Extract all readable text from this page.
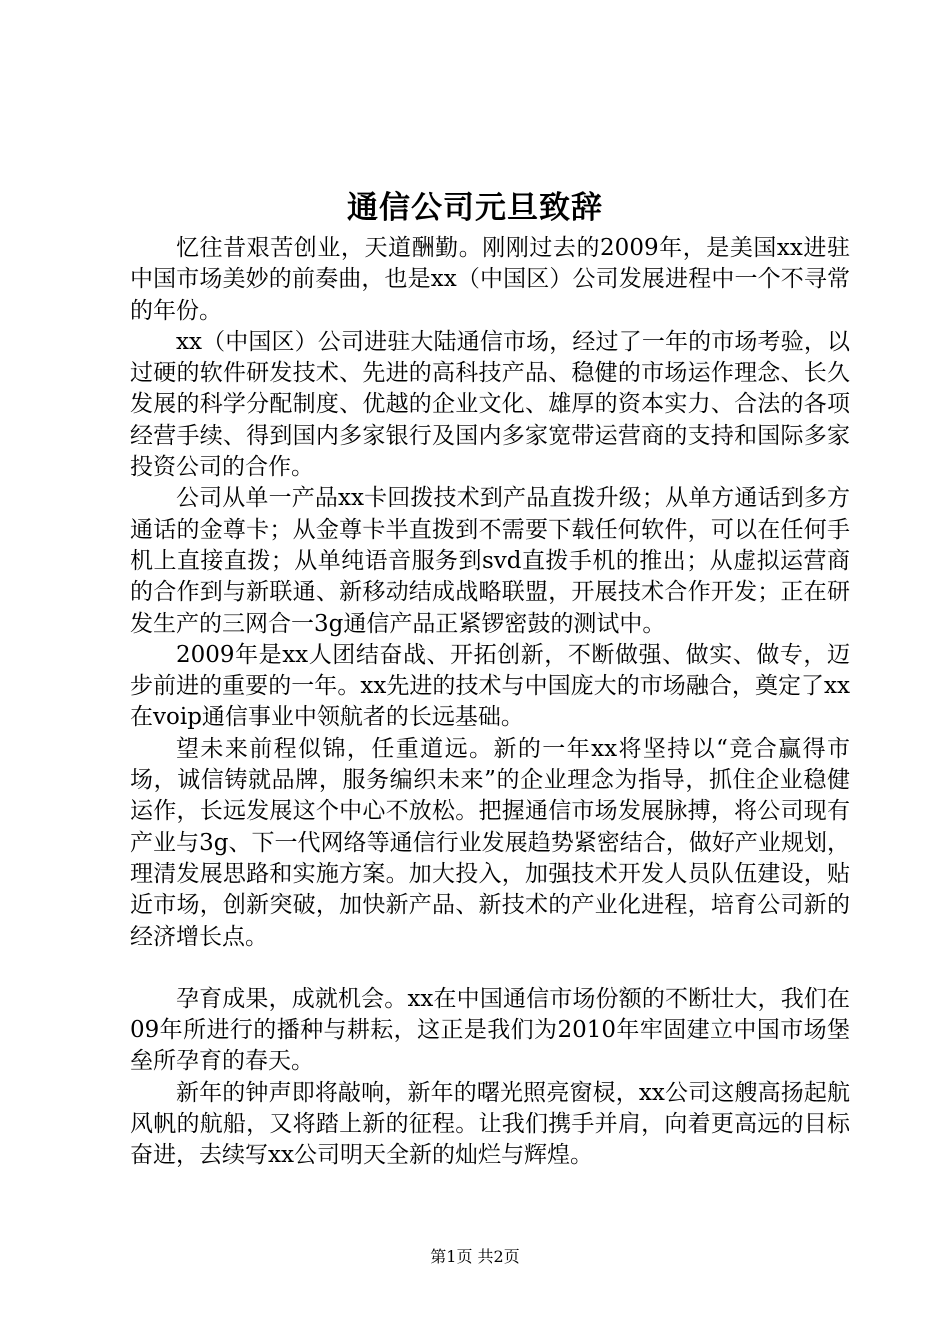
通信公司元旦致辞

忆往昔艰苦创业，天道酬勤。刚刚过去的2009年，是美国xx进驻中国市场美妙的前奏曲，也是xx（中国区）公司发展进程中一个不寻常的年份。

xx（中国区）公司进驻大陆通信市场，经过了一年的市场考验，以过硬的软件研发技术、先进的高科技产品、稳健的市场运作理念、长久发展的科学分配制度、优越的企业文化、雄厚的资本实力、合法的各项经营手续、得到国内多家银行及国内多家宽带运营商的支持和国际多家投资公司的合作。

公司从单一产品xx卡回拨技术到产品直拨升级；从单方通话到多方通话的金尊卡；从金尊卡半直拨到不需要下载任何软件，可以在任何手机上直接直拨；从单纯语音服务到svd直拨手机的推出；从虚拟运营商的合作到与新联通、新移动结成战略联盟，开展技术合作开发；正在研发生产的三网合一3g通信产品正紧锣密鼓的测试中。

2009年是xx人团结奋战、开拓创新，不断做强、做实、做专，迈步前进的重要的一年。xx先进的技术与中国庞大的市场融合，奠定了xx在voip通信事业中领航者的长远基础。

望未来前程似锦，任重道远。新的一年xx将坚持以“竞合赢得市场，诚信铸就品牌，服务编织未来”的企业理念为指导，抓住企业稳健运作，长远发展这个中心不放松。把握通信市场发展脉搏，将公司现有产业与3g、下一代网络等通信行业发展趋势紧密结合，做好产业规划，理清发展思路和实施方案。加大投入，加强技术开发人员队伍建设，贴近市场，创新突破，加快新产品、新技术的产业化进程，培育公司新的经济增长点。

孕育成果，成就机会。xx在中国通信市场份额的不断壮大，我们在09年所进行的播种与耕耘，这正是我们为2010年牢固建立中国市场堡垒所孕育的春天。

新年的钟声即将敲响，新年的曙光照亮窗棂，xx公司这艘高扬起航风帆的航船，又将踏上新的征程。让我们携手并肩，向着更高远的目标奋进，去续写xx公司明天全新的灿烂与辉煌。

第1页 共2页
